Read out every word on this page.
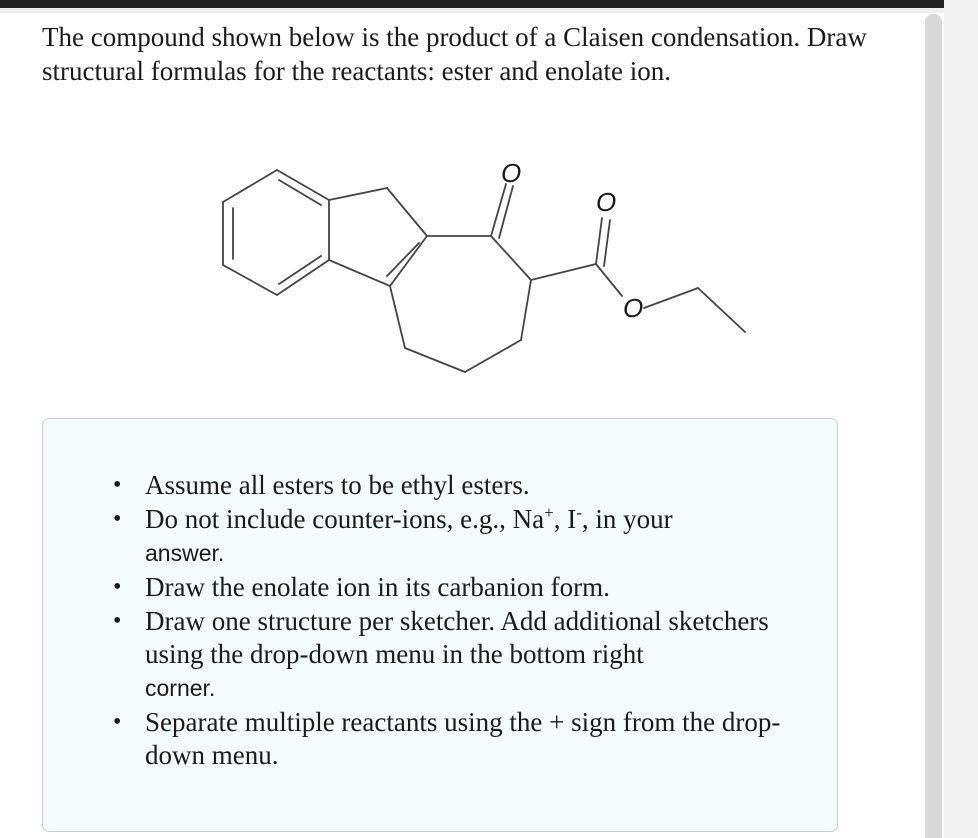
The compound shown below is the product of a Claisen condensation. Draw structural formulas for the reactants: ester and enolate ion.

O
O
O
• Assume all esters to be ethyl esters.
• Do not include counter-ions, e.g., Na+, I-, in your
answer.
• Draw the enolate ion in its carbanion form.
• Draw one structure per sketcher. Add additional sketchers using the drop-down menu in the bottom right
corner.
• Separate multiple reactants using the + sign from the drop-down menu.
